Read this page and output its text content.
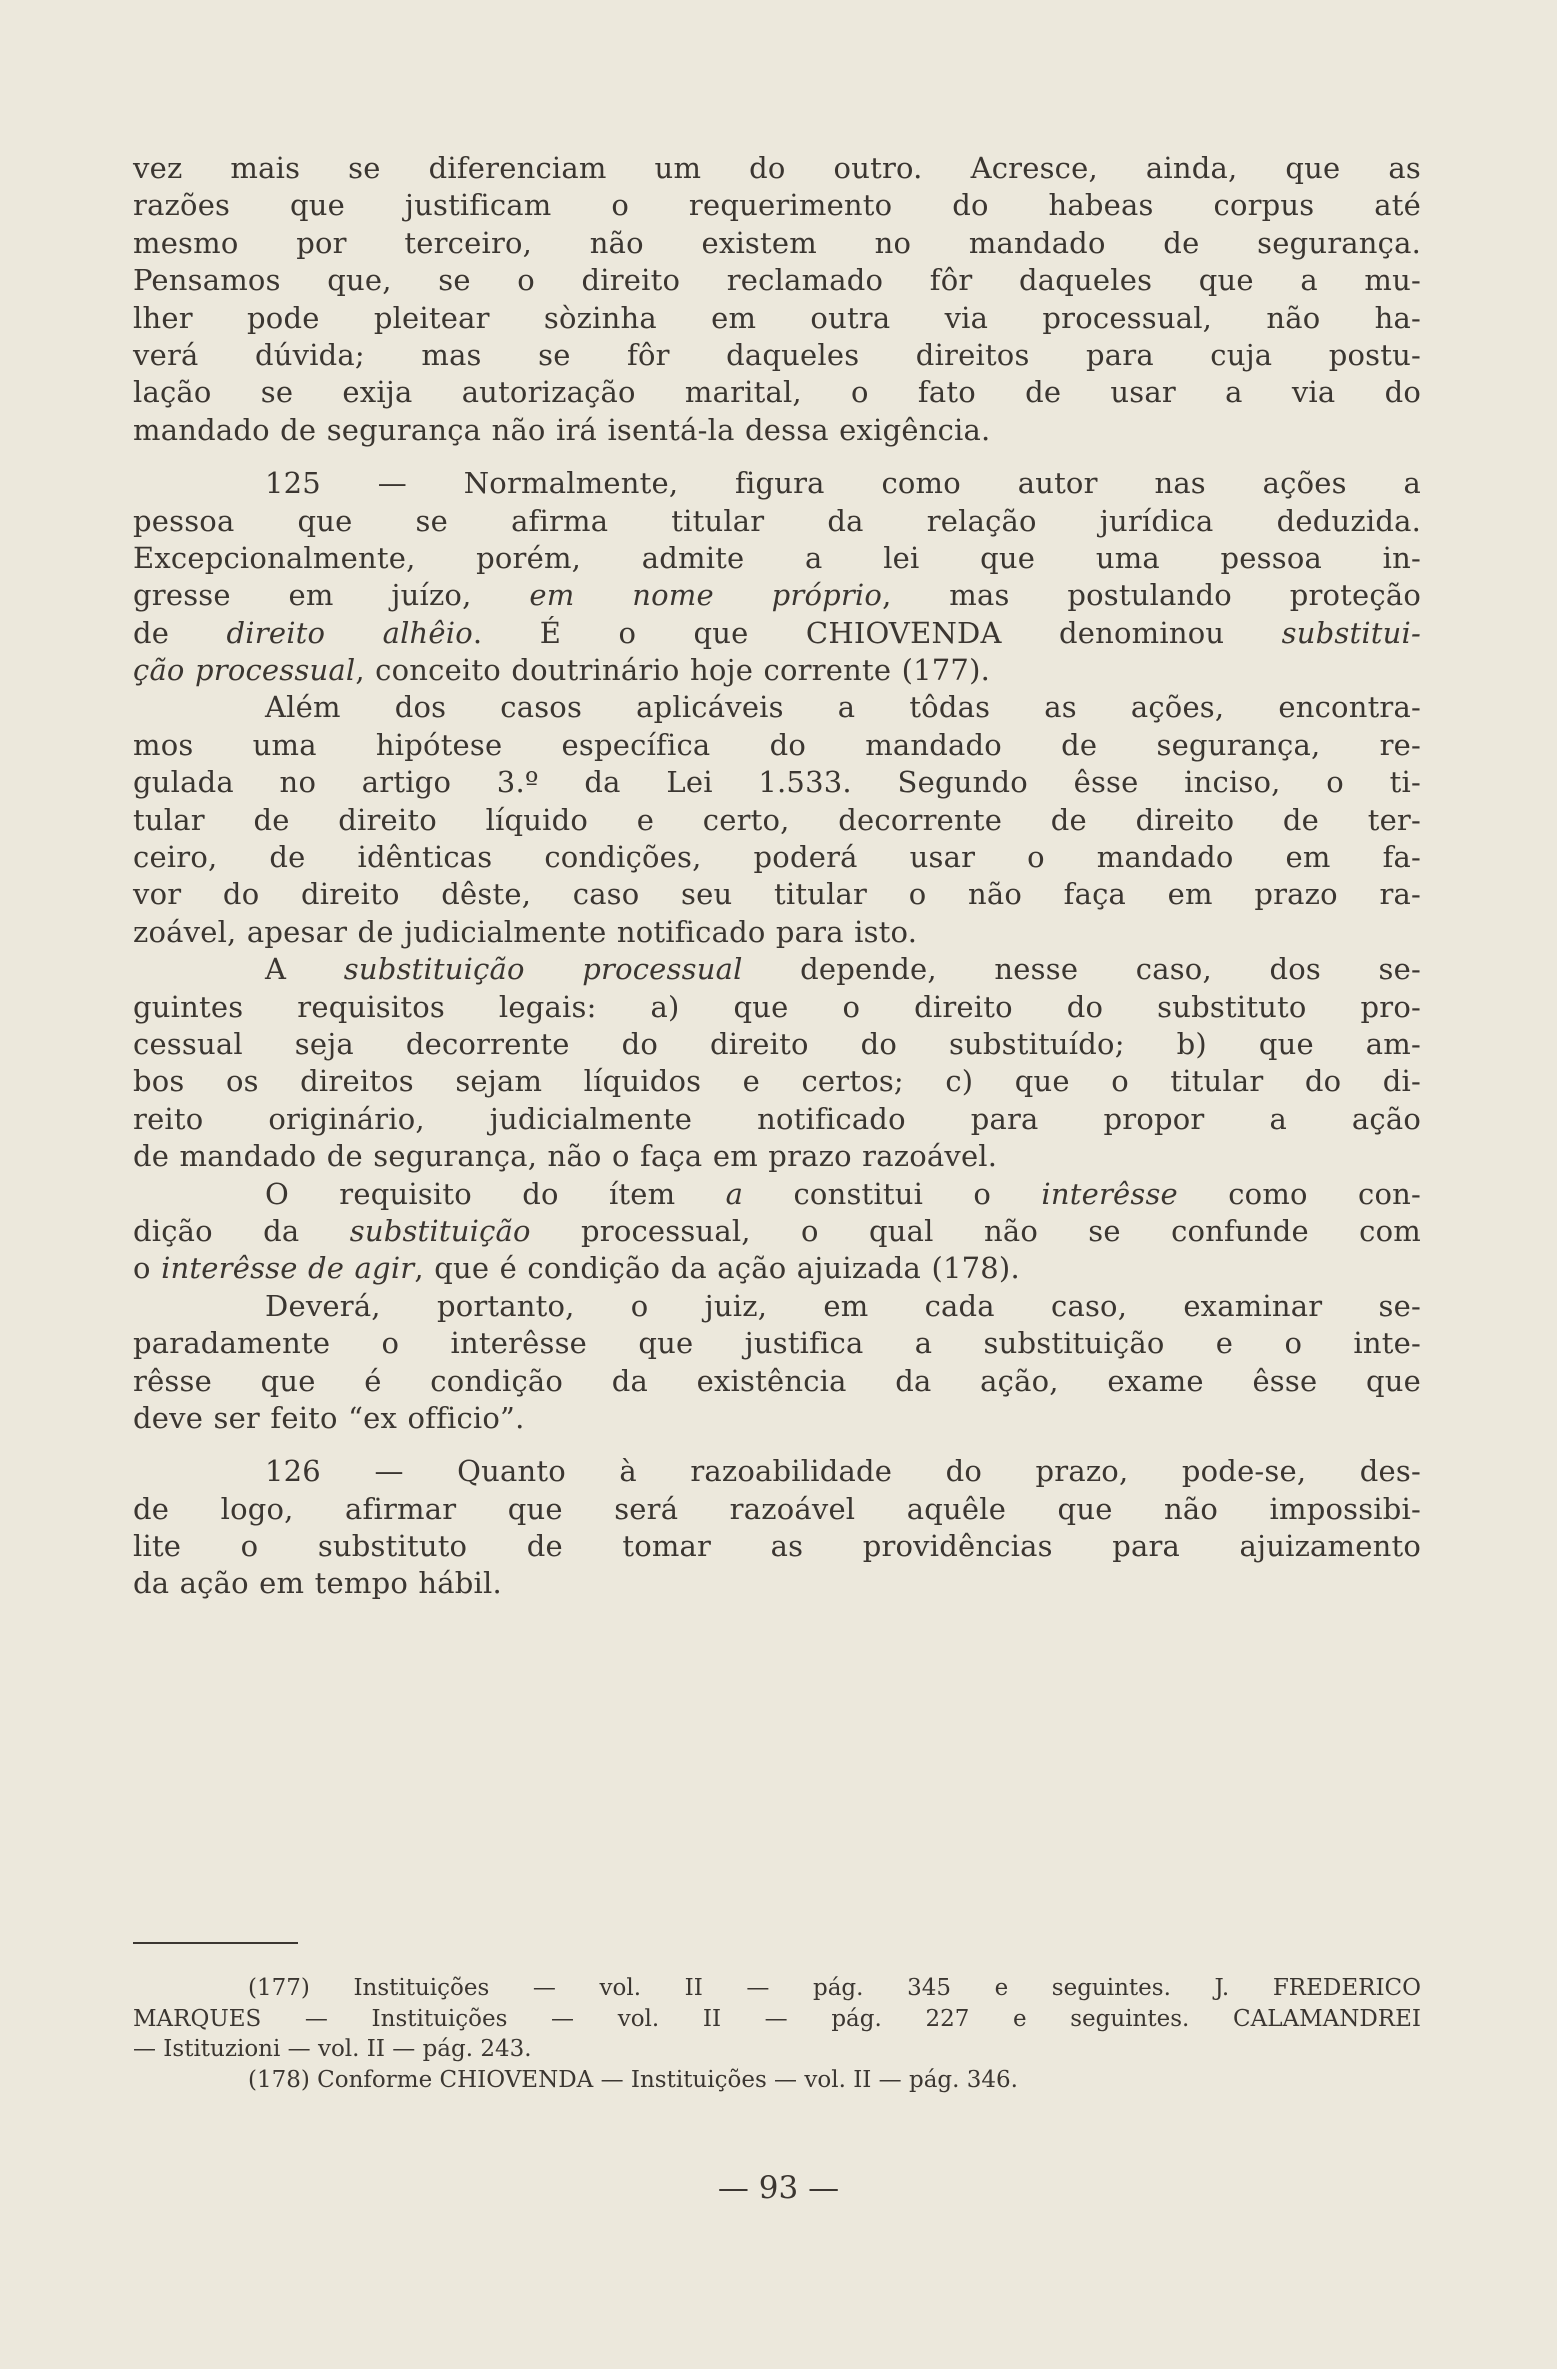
vez mais se diferenciam um do outro. Acresce, ainda, que as
razões que justificam o requerimento do habeas corpus até
mesmo por terceiro, não existem no mandado de segurança.
Pensamos que, se o direito reclamado fôr daqueles que a mu-
lher pode pleitear sòzinha em outra via processual, não ha-
verá dúvida; mas se fôr daqueles direitos para cuja postu-
lação se exija autorização marital, o fato de usar a via do
mandado de segurança não irá isentá-la dessa exigência.
125 — Normalmente, figura como autor nas ações a
pessoa que se afirma titular da relação jurídica deduzida.
Excepcionalmente, porém, admite a lei que uma pessoa in-
gresse em juízo, em nome próprio, mas postulando proteção
de direito alhêio. É o que CHIOVENDA denominou substitui-
ção processual, conceito doutrinário hoje corrente (177).
Além dos casos aplicáveis a tôdas as ações, encontra-
mos uma hipótese específica do mandado de segurança, re-
gulada no artigo 3.º da Lei 1.533. Segundo êsse inciso, o ti-
tular de direito líquido e certo, decorrente de direito de ter-
ceiro, de idênticas condições, poderá usar o mandado em fa-
vor do direito dêste, caso seu titular o não faça em prazo ra-
zoável, apesar de judicialmente notificado para isto.
A substituição processual depende, nesse caso, dos se-
guintes requisitos legais: a) que o direito do substituto pro-
cessual seja decorrente do direito do substituído; b) que am-
bos os direitos sejam líquidos e certos; c) que o titular do di-
reito originário, judicialmente notificado para propor a ação
de mandado de segurança, não o faça em prazo razoável.
O requisito do ítem a constitui o interêsse como con-
dição da substituição processual, o qual não se confunde com
o interêsse de agir, que é condição da ação ajuizada (178).
Deverá, portanto, o juiz, em cada caso, examinar se-
paradamente o interêsse que justifica a substituição e o inte-
rêsse que é condição da existência da ação, exame êsse que
deve ser feito “ex officio”.
126 — Quanto à razoabilidade do prazo, pode-se, des-
de logo, afirmar que será razoável aquêle que não impossibi-
lite o substituto de tomar as providências para ajuizamento
da ação em tempo hábil.
(177) Instituições — vol. II — pág. 345 e seguintes. J. FREDERICO
MARQUES — Instituições — vol. II — pág. 227 e seguintes. CALAMANDREI
— Istituzioni — vol. II — pág. 243.
(178) Conforme CHIOVENDA — Instituições — vol. II — pág. 346.
— 93 —
